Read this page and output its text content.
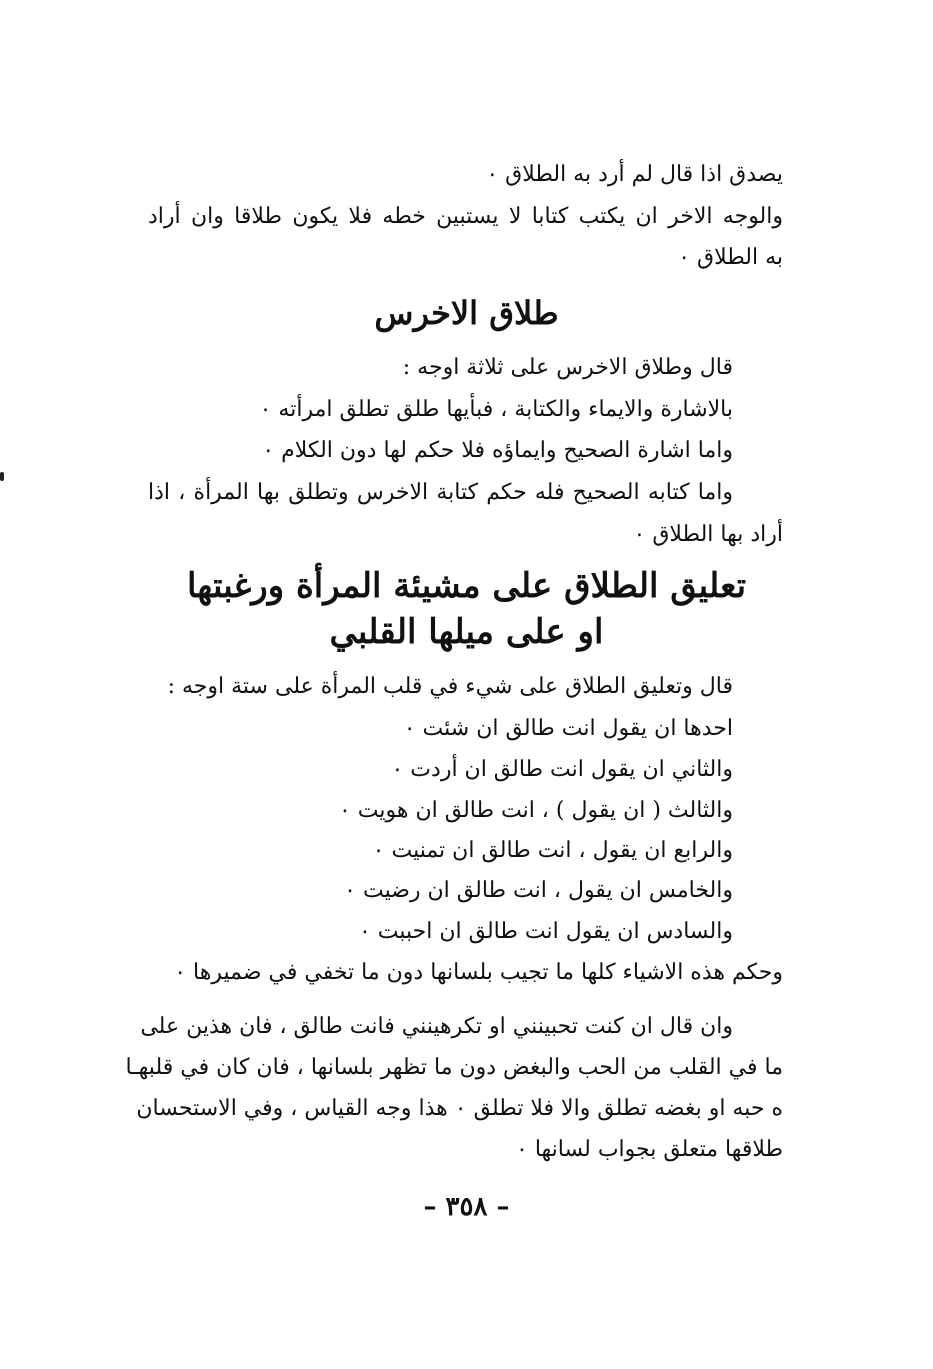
يصدق اذا قال لم أرد به الطلاق ٠
والوجه الاخر ان يكتب كتابا لا يستبين خطه فلا يكون طلاقا وان أراد
به الطلاق ٠
طلاق الاخرس
قال وطلاق الاخرس على ثلاثة اوجه :
بالاشارة والايماء والكتابة ، فبأيها طلق تطلق امرأته ٠
واما اشارة الصحيح وايماؤه فلا حكم لها دون الكلام ٠
واما كتابه الصحيح فله حكم كتابة الاخرس وتطلق بها المرأة ، اذا
أراد بها الطلاق ٠
تعليق الطلاق على مشيئة المرأة ورغبتها
او على ميلها القلبي
قال وتعليق الطلاق على شيء في قلب المرأة على ستة اوجه :
احدها ان يقول انت طالق ان شئت ٠
والثاني ان يقول انت طالق ان أردت ٠
والثالث ( ان يقول ) ، انت طالق ان هويت ٠
والرابع ان يقول ، انت طالق ان تمنيت ٠
والخامس ان يقول ، انت طالق ان رضيت ٠
والسادس ان يقول انت طالق ان احببت ٠
وحكم هذه الاشياء كلها ما تجيب بلسانها دون ما تخفي في ضميرها ٠
وان قال ان كنت تحبينني او تكرهينني فانت طالق ، فان هذين على
ما في القلب من الحب والبغض دون ما تظهر بلسانها ، فان كان في قلبهـا
ه حبه او بغضه تطلق والا فلا تطلق ٠ هذا وجه القياس ، وفي الاستحسان
طلاقها متعلق بجواب لسانها ٠
– ٣٥٨ –
